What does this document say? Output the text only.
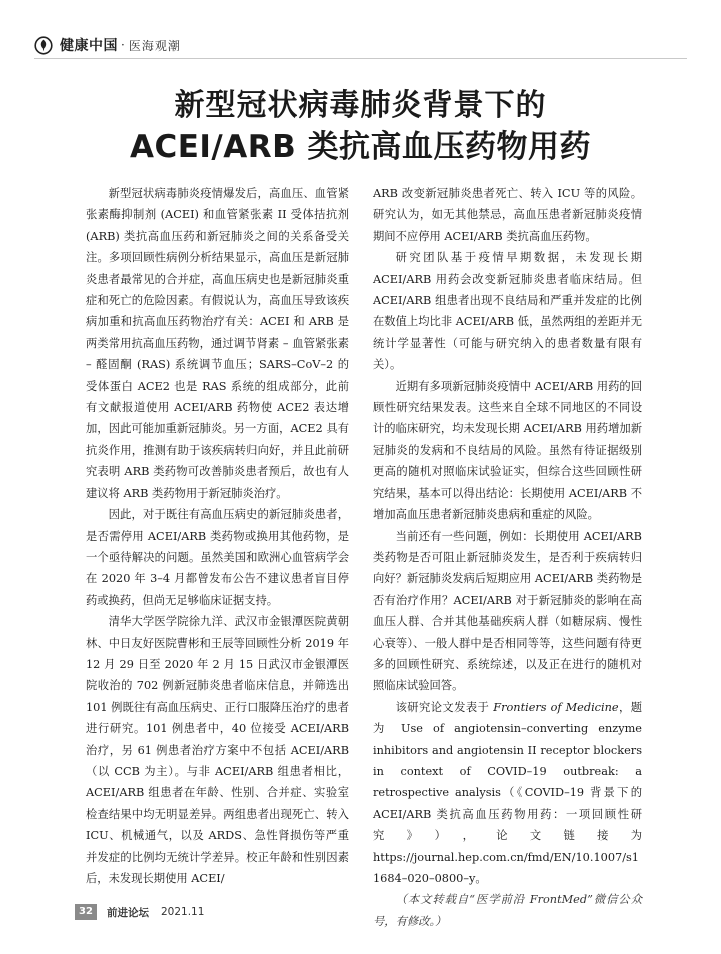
健康中国 · 医海观潮
新型冠状病毒肺炎背景下的
ACEI/ARB 类抗高血压药物用药

新型冠状病毒肺炎疫情爆发后，高血压、血管紧张素酶抑制剂 (ACEI) 和血管紧张素 II 受体拮抗剂 (ARB) 类抗高血压药和新冠肺炎之间的关系备受关注。多项回顾性病例分析结果显示，高血压是新冠肺炎患者最常见的合并症，高血压病史也是新冠肺炎重症和死亡的危险因素。有假说认为，高血压导致该疾病加重和抗高血压药物治疗有关：ACEI 和 ARB 是两类常用抗高血压药物，通过调节肾素 – 血管紧张素 – 醛固酮 (RAS) 系统调节血压；SARS–CoV–2 的受体蛋白 ACE2 也是 RAS 系统的组成部分，此前有文献报道使用 ACEI/ARB 药物使 ACE2 表达增加，因此可能加重新冠肺炎。另一方面，ACE2 具有抗炎作用，推测有助于该疾病转归向好，并且此前研究表明 ARB 类药物可改善肺炎患者预后，故也有人建议将 ARB 类药物用于新冠肺炎治疗。

因此，对于既往有高血压病史的新冠肺炎患者，是否需停用 ACEI/ARB 类药物或换用其他药物，是一个亟待解决的问题。虽然美国和欧洲心血管病学会在 2020 年 3–4 月都曾发布公告不建议患者盲目停药或换药，但尚无足够临床证据支持。

清华大学医学院徐九洋、武汉市金银潭医院黄朝林、中日友好医院曹彬和王辰等回顾性分析 2019 年 12 月 29 日至 2020 年 2 月 15 日武汉市金银潭医院收治的 702 例新冠肺炎患者临床信息，并筛选出 101 例既往有高血压病史、正行口服降压治疗的患者进行研究。101 例患者中，40 位接受 ACEI/ARB 治疗，另 61 例患者治疗方案中不包括 ACEI/ARB（以 CCB 为主）。与非 ACEI/ARB 组患者相比，ACEI/ARB 组患者在年龄、性别、合并症、实验室检查结果中均无明显差异。两组患者出现死亡、转入 ICU、机械通气，以及 ARDS、急性肾损伤等严重并发症的比例均无统计学差异。校正年龄和性别因素后，未发现长期使用 ACEI/

ARB 改变新冠肺炎患者死亡、转入 ICU 等的风险。研究认为，如无其他禁忌，高血压患者新冠肺炎疫情期间不应停用 ACEI/ARB 类抗高血压药物。

研究团队基于疫情早期数据，未发现长期 ACEI/ARB 用药会改变新冠肺炎患者临床结局。但 ACEI/ARB 组患者出现不良结局和严重并发症的比例在数值上均比非 ACEI/ARB 低，虽然两组的差距并无统计学显著性（可能与研究纳入的患者数量有限有关）。

近期有多项新冠肺炎疫情中 ACEI/ARB 用药的回顾性研究结果发表。这些来自全球不同地区的不同设计的临床研究，均未发现长期 ACEI/ARB 用药增加新冠肺炎的发病和不良结局的风险。虽然有待证据级别更高的随机对照临床试验证实，但综合这些回顾性研究结果，基本可以得出结论：长期使用 ACEI/ARB 不增加高血压患者新冠肺炎患病和重症的风险。

当前还有一些问题，例如：长期使用 ACEI/ARB 类药物是否可阻止新冠肺炎发生，是否利于疾病转归向好？新冠肺炎发病后短期应用 ACEI/ARB 类药物是否有治疗作用？ACEI/ARB 对于新冠肺炎的影响在高血压人群、合并其他基础疾病人群（如糖尿病、慢性心衰等）、一般人群中是否相同等等，这些问题有待更多的回顾性研究、系统综述，以及正在进行的随机对照临床试验回答。

该研究论文发表于 Frontiers of Medicine，题为 Use of angiotensin–converting enzyme inhibitors and angiotensin II receptor blockers in context of COVID–19 outbreak: a retrospective analysis（《COVID–19 背景下的 ACEI/ARB 类抗高血压药物用药：一项回顾性研究》），论文链接为 https://journal.hep.com.cn/fmd/EN/10.1007/s11684–020–0800–y。

（本文转载自“医学前沿 FrontMed”微信公众号，有修改。）

32	前进论坛 2021.11
